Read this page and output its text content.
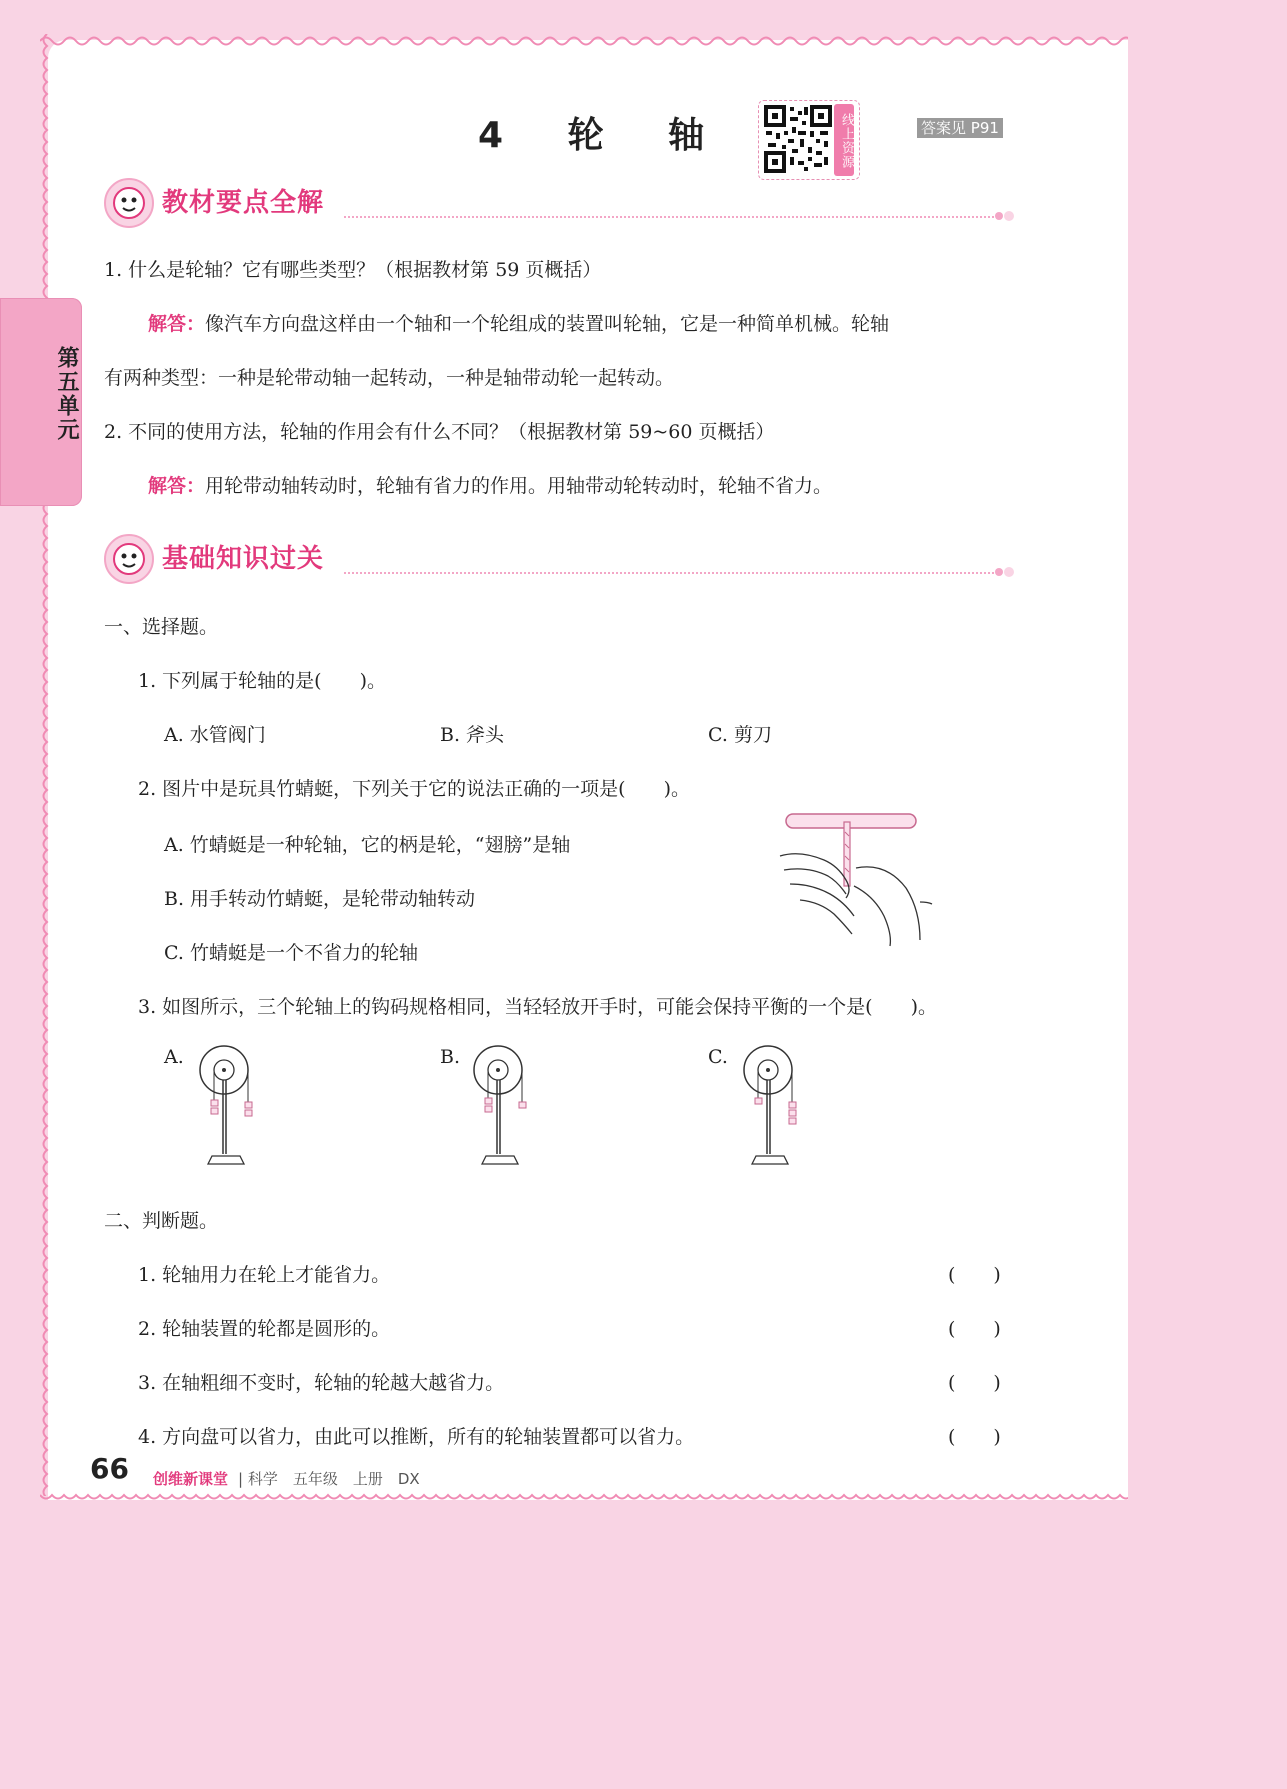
第五单元
4 轮 轴	线上资源	答案见 P91
教材要点全解
1. 什么是轮轴？它有哪些类型？（根据教材第 59 页概括）
解答：像汽车方向盘这样由一个轴和一个轮组成的装置叫轮轴，它是一种简单机械。轮轴
有两种类型：一种是轮带动轴一起转动，一种是轴带动轮一起转动。
2. 不同的使用方法，轮轴的作用会有什么不同？（根据教材第 59~60 页概括）
解答：用轮带动轴转动时，轮轴有省力的作用。用轴带动轮转动时，轮轴不省力。
基础知识过关
一、选择题。
1. 下列属于轮轴的是(　　)。
A. 水管阀门	B. 斧头	C. 剪刀
2. 图片中是玩具竹蜻蜓，下列关于它的说法正确的一项是(　　)。
A. 竹蜻蜓是一种轮轴，它的柄是轮，“翅膀”是轴
B. 用手转动竹蜻蜓，是轮带动轴转动
C. 竹蜻蜓是一个不省力的轮轴
3. 如图所示，三个轮轴上的钩码规格相同，当轻轻放开手时，可能会保持平衡的一个是(　　)。
A.	B.	C.
二、判断题。
1. 轮轴用力在轮上才能省力。	(　　)
2. 轮轴装置的轮都是圆形的。	(　　)
3. 在轴粗细不变时，轮轴的轮越大越省力。	(　　)
4. 方向盘可以省力，由此可以推断，所有的轮轴装置都可以省力。	(　　)
66 创维新课堂 | 科学　五年级　上册　DX
